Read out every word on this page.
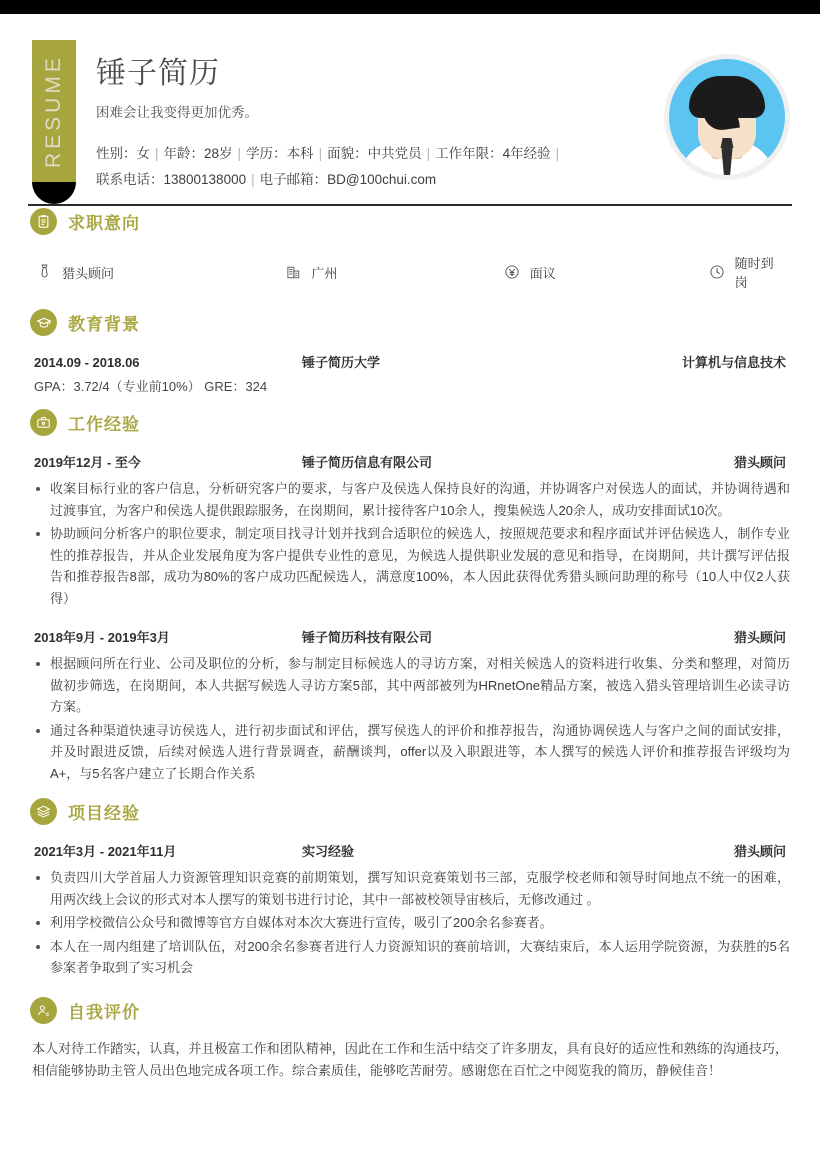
RESUME	锤子简历
困难会让我变得更加优秀。
性别：女 | 年龄：28岁 | 学历：本科 | 面貌：中共党员 | 工作年限：4年经验 |
联系电话：13800138000 | 电子邮箱：BD@100chui.com
求职意向
猎头顾问	广州	面议
随时到岗
教育背景
2014.09 - 2018.06	锤子简历大学	计算机与信息技术
GPA：3.72/4（专业前10%） GRE：324
工作经验
2019年12月 - 至今	锤子简历信息有限公司	猎头顾问
收案目标行业的客户信息，分析研究客户的要求，与客户及侯选人保持良好的沟通，并协调客户对侯选人的面试，并协调待遇和过渡事宜，为客户和侯选人提供跟踪服务，在岗期间，累计接待客户10余人，搜集候选人20余人，成功安排面试10次。
协助顾问分析客户的职位要求，制定项目找寻计划并找到合适职位的候选人，按照规范要求和程序面试并评估候选人，制作专业性的推荐报告，并从企业发展角度为客户提供专业性的意见，为候选人提供职业发展的意见和指导，在岗期间，共计撰写评估报告和推荐报告8部，成功为80%的客户成功匹配候选人，满意度100%，本人因此获得优秀猎头顾问助理的称号（10人中仅2人获得）
2018年9月 - 2019年3月	锤子简历科技有限公司	猎头顾问
根据顾问所在行业、公司及职位的分析，参与制定目标候选人的寻访方案，对相关候选人的资料进行收集、分类和整理，对简历做初步筛选，在岗期间，本人共据写候选人寻访方案5部，其中两部被列为HRnetOne精品方案，被选入猎头管理培训生必读寻访方案。
通过各种渠道快速寻访侯选人，进行初步面试和评估，撰写侯选人的评价和推荐报告，沟通协调侯选人与客户之间的面试安排，并及时跟进反馈，后续对候选人进行背景调查，薪酬谈判，offer以及入职跟进等，本人撰写的候选人评价和推荐报告评级均为A+，与5名客户建立了长期合作关系
项目经验
2021年3月 - 2021年11月	实习经验	猎头顾问
负责四川大学首届人力资源管理知识竞赛的前期策划，撰写知识竞赛策划书三部，克服学校老师和领导时间地点不统一的困难，用两次线上会议的形式对本人摆写的策划书进行讨论，其中一部被校领导宙核后，无修改通过 。
利用学校微信公众号和微博等官方自媒体对本次大赛进行宣传，吸引了200余名参赛者。
本人在一周内组建了培训队伍，对200余名参赛者进行人力资源知识的赛前培训，大赛结束后，本人运用学院资源，为获胜的5名参案者争取到了实习机会
自我评价
本人对待工作踏实，认真，并且极富工作和团队精神，因此在工作和生活中结交了许多朋友，具有良好的适应性和熟练的沟通技巧，相信能够协助主管人员出色地完成各项工作。综合素质佳，能够吃苦耐劳。感谢您在百忙之中阅览我的简历，静候佳音！
